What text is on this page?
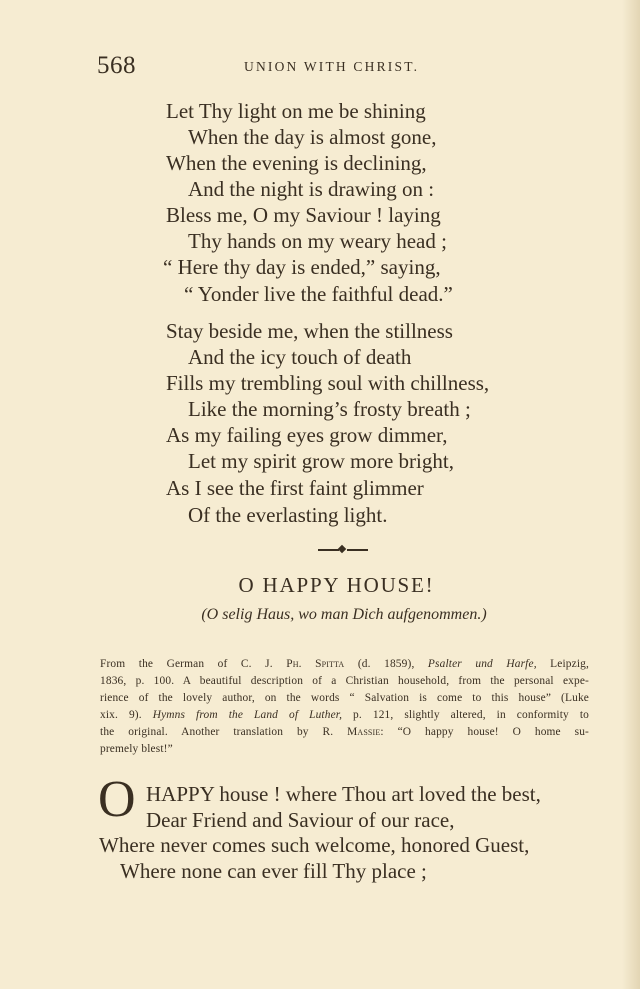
568	UNION WITH CHRIST.
Let Thy light on me be shining
When the day is almost gone,
When the evening is declining,
And the night is drawing on :
Bless me, O my Saviour ! laying
Thy hands on my weary head ;
“ Here thy day is ended,” saying,
“ Yonder live the faithful dead.”
Stay beside me, when the stillness
And the icy touch of death
Fills my trembling soul with chillness,
Like the morning’s frosty breath ;
As my failing eyes grow dimmer,
Let my spirit grow more bright,
As I see the first faint glimmer
Of the everlasting light.
O HAPPY HOUSE!
(O selig Haus, wo man Dich aufgenommen.)
From the German of C. J. Ph. Spitta (d. 1859), Psalter und Harfe, Leipzig,
1836, p. 100. A beautiful description of a Christian household, from the personal expe-
rience of the lovely author, on the words “ Salvation is come to this house” (Luke
xix. 9). Hymns from the Land of Luther, p. 121, slightly altered, in conformity to
the original. Another translation by R. Massie: “O happy house! O home su-
premely blest!”
O HAPPY house ! where Thou art loved the best,
Dear Friend and Saviour of our race,
Where never comes such welcome, honored Guest,
Where none can ever fill Thy place ;
